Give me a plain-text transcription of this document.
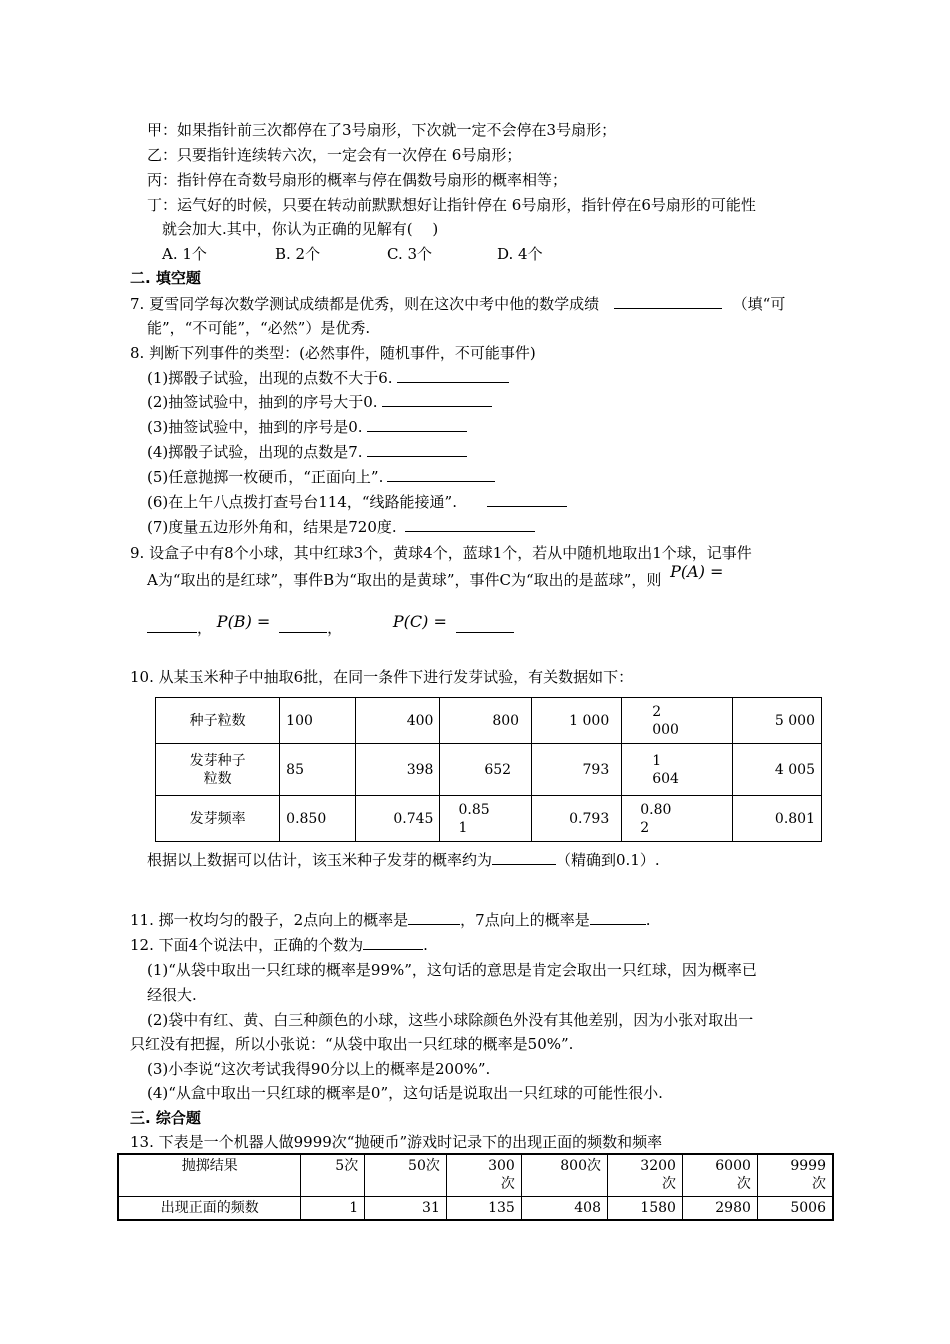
甲：如果指针前三次都停在了3号扇形，下次就一定不会停在3号扇形；
乙：只要指针连续转六次，一定会有一次停在 6号扇形；
丙：指针停在奇数号扇形的概率与停在偶数号扇形的概率相等；
丁：运气好的时候，只要在转动前默默想好让指针停在 6号扇形，指针停在6号扇形的可能性
就会加大.其中，你认为正确的见解有(　 )
A. 1个	B. 2个	C. 3个	D. 4个
二. 填空题
7. 夏雪同学每次数学测试成绩都是优秀，则在这次中考中他的数学成绩	（填“可
能”，“不可能”，“必然”）是优秀.
8. 判断下列事件的类型：(必然事件，随机事件，不可能事件)
(1)掷骰子试验，出现的点数不大于6.
(2)抽签试验中，抽到的序号大于0.
(3)抽签试验中，抽到的序号是0.
(4)掷骰子试验，出现的点数是7.
(5)任意抛掷一枚硬币，“正面向上”.
(6)在上午八点拨打查号台114，“线路能接通”.
(7)度量五边形外角和，结果是720度.
9. 设盒子中有8个小球，其中红球3个，黄球4个，蓝球1个，若从中随机地取出1个球，记事件
A为“取出的是红球”，事件B为“取出的是黄球”，事件C为“取出的是蓝球”，则 P(A) =
， P(B) =	，	P(C) =
10. 从某玉米种子中抽取6批，在同一条件下进行发芽试验，有关数据如下：
种子粒数	100	400	800	1 000	2
000	5 000
发芽种子
粒数	85	398	652	793	1
604	4 005
发芽频率	0.850	0.745	0.85
1	0.793	0.80
2	0.801
根据以上数据可以估计，该玉米种子发芽的概率约为	（精确到0.1）.
11. 掷一枚均匀的骰子，2点向上的概率是	，7点向上的概率是	.
12. 下面4个说法中，正确的个数为	.
(1)“从袋中取出一只红球的概率是99%”，这句话的意思是肯定会取出一只红球，因为概率已
经很大.
(2)袋中有红、黄、白三种颜色的小球，这些小球除颜色外没有其他差别，因为小张对取出一
只红没有把握，所以小张说：“从袋中取出一只红球的概率是50%”.
(3)小李说“这次考试我得90分以上的概率是200%”.
(4)“从盒中取出一只红球的概率是0”，这句话是说取出一只红球的可能性很小.
三. 综合题
13. 下表是一个机器人做9999次“抛硬币”游戏时记录下的出现正面的频数和频率
抛掷结果	5次	50次	300
次	800次	3200
次	6000
次	9999
次
出现正面的频数	1	31	135	408	1580	2980	5006
